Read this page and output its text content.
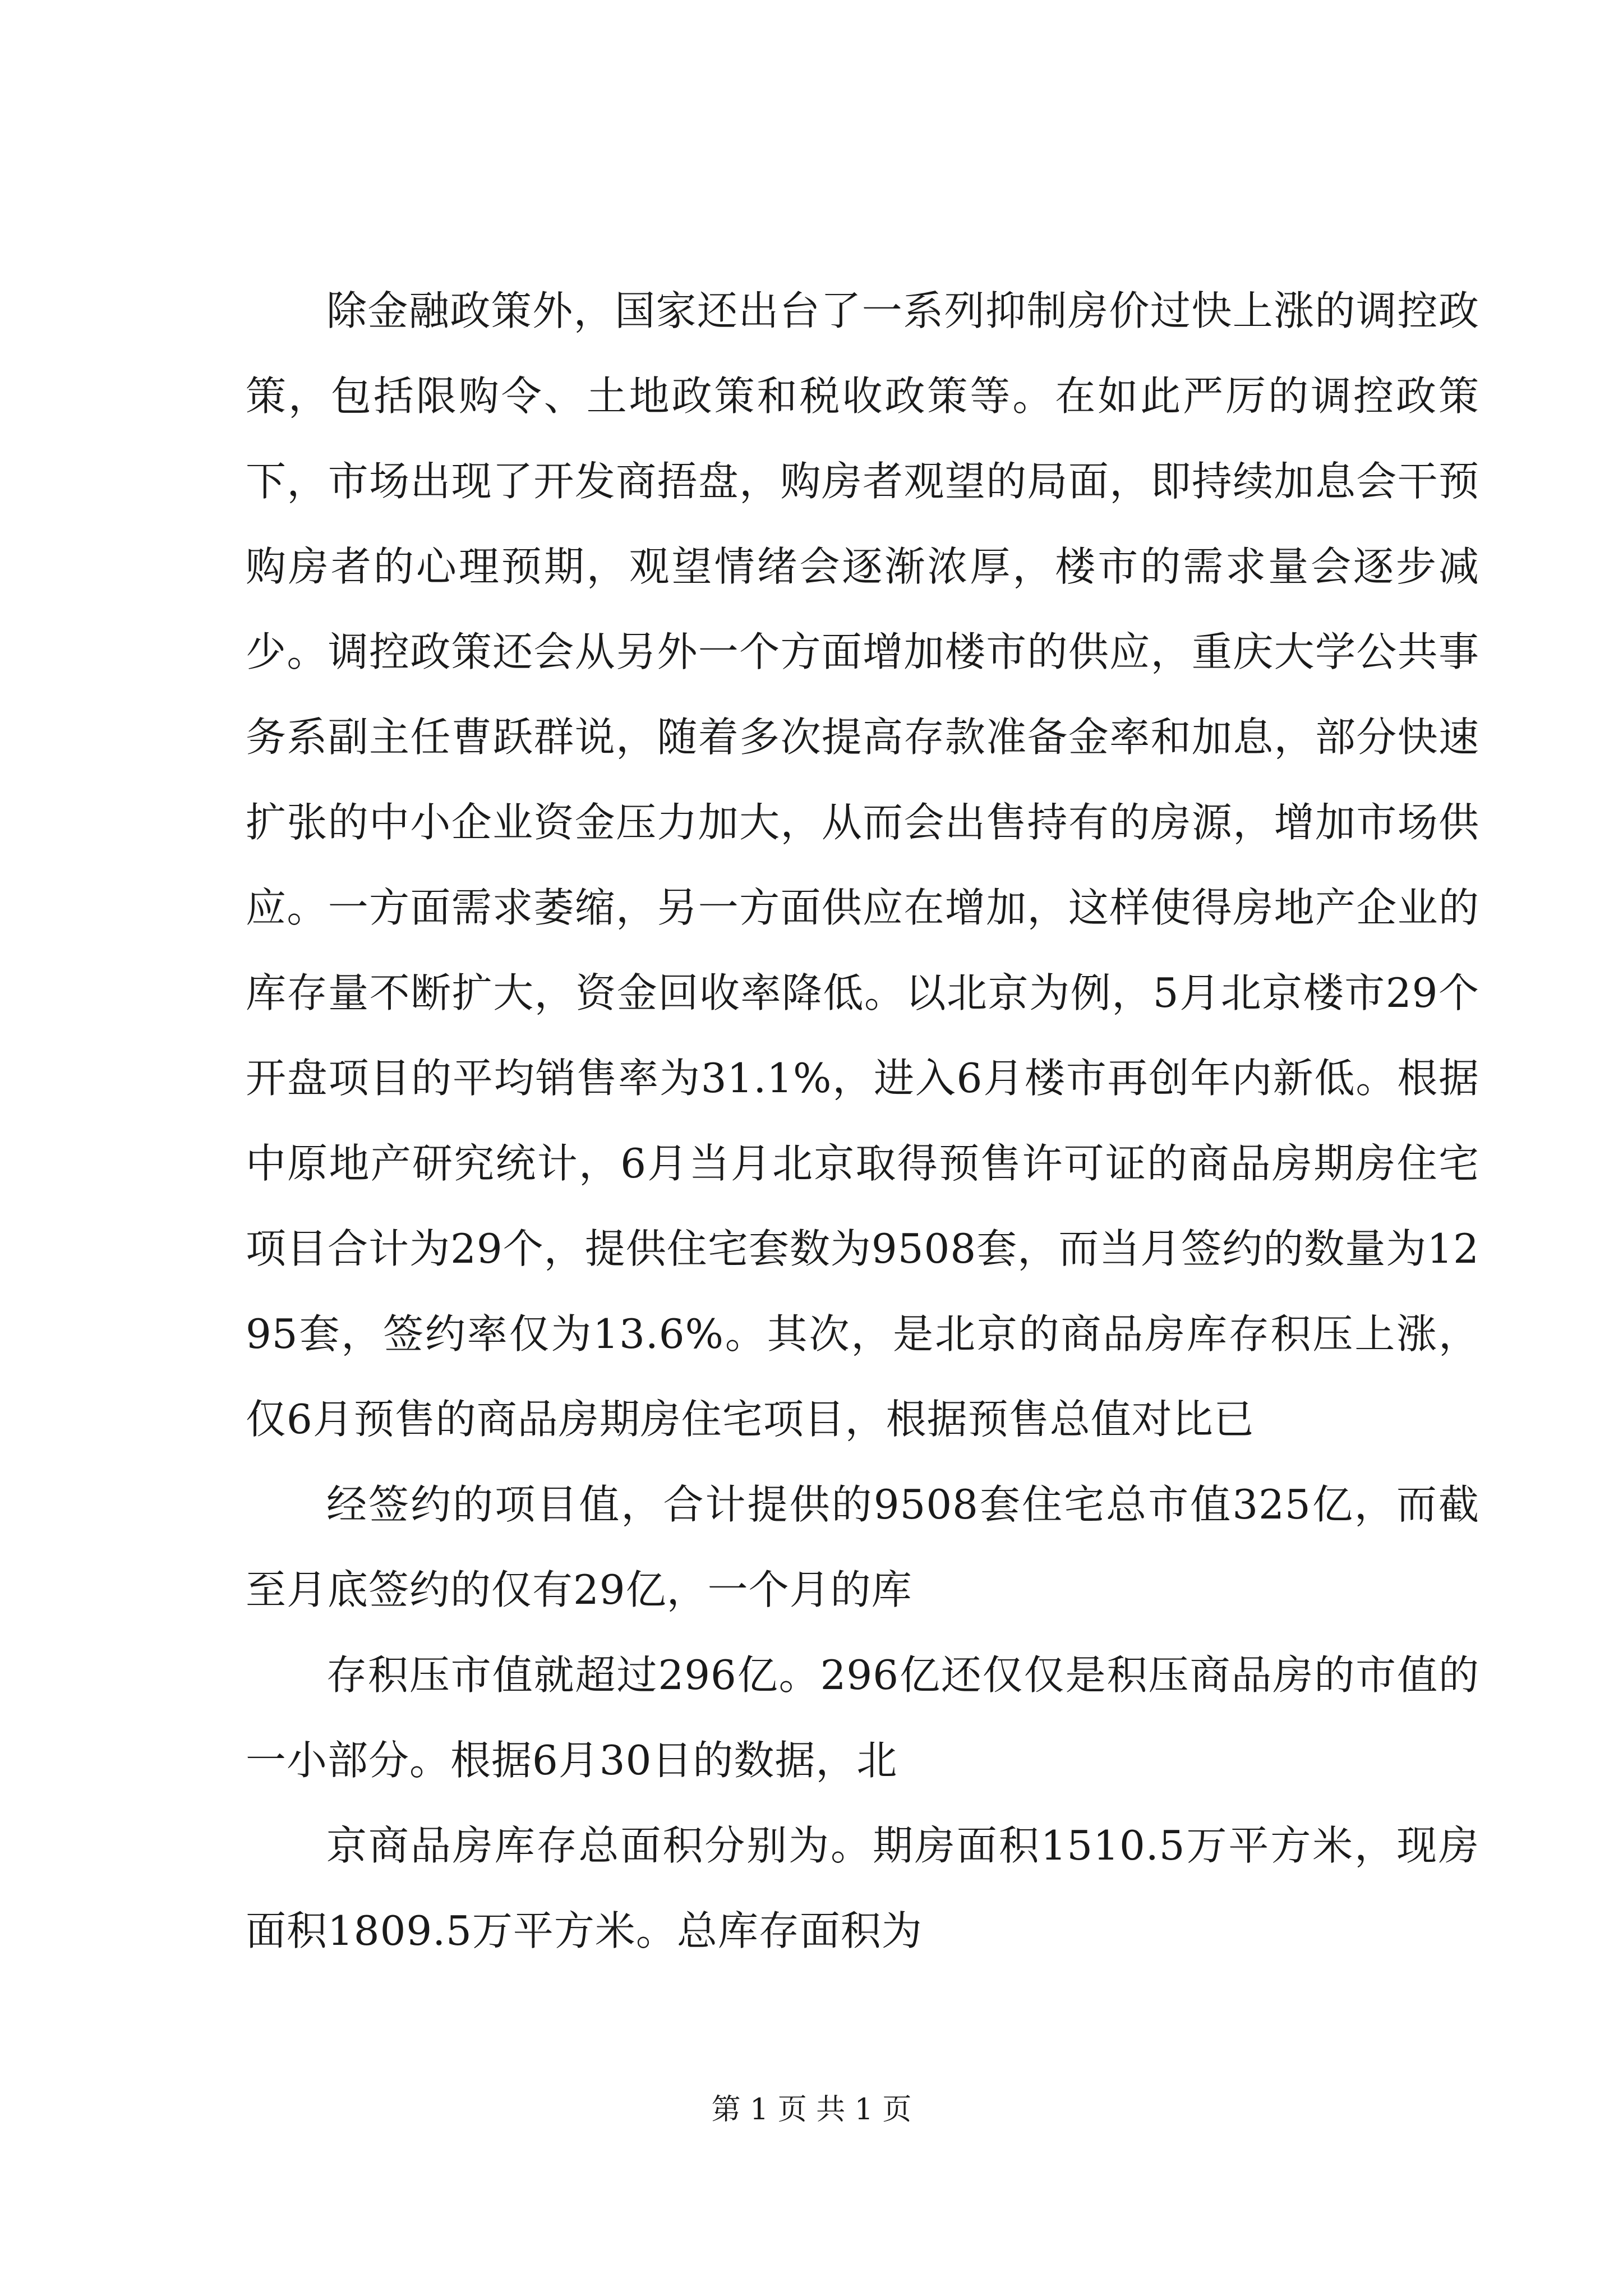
除金融政策外，国家还出台了一系列抑制房价过快上涨的调控政策，包括限购令、土地政策和税收政策等。在如此严厉的调控政策下，市场出现了开发商捂盘，购房者观望的局面，即持续加息会干预购房者的心理预期，观望情绪会逐渐浓厚，楼市的需求量会逐步减少。调控政策还会从另外一个方面增加楼市的供应，重庆大学公共事务系副主任曹跃群说，随着多次提高存款准备金率和加息，部分快速扩张的中小企业资金压力加大，从而会出售持有的房源，增加市场供应。一方面需求萎缩，另一方面供应在增加，这样使得房地产企业的库存量不断扩大，资金回收率降低。以北京为例，5月北京楼市29个开盘项目的平均销售率为31.1%，进入6月楼市再创年内新低。根据中原地产研究统计，6月当月北京取得预售许可证的商品房期房住宅项目合计为29个，提供住宅套数为9508套，而当月签约的数量为1295套，签约率仅为13.6%。其次，是北京的商品房库存积压上涨，仅6月预售的商品房期房住宅项目，根据预售总值对比已

经签约的项目值，合计提供的9508套住宅总市值325亿，而截至月底签约的仅有29亿，一个月的库

存积压市值就超过296亿。296亿还仅仅是积压商品房的市值的一小部分。根据6月30日的数据，北

京商品房库存总面积分别为。期房面积1510.5万平方米，现房面积1809.5万平方米。总库存面积为

第 1 页 共 1 页
